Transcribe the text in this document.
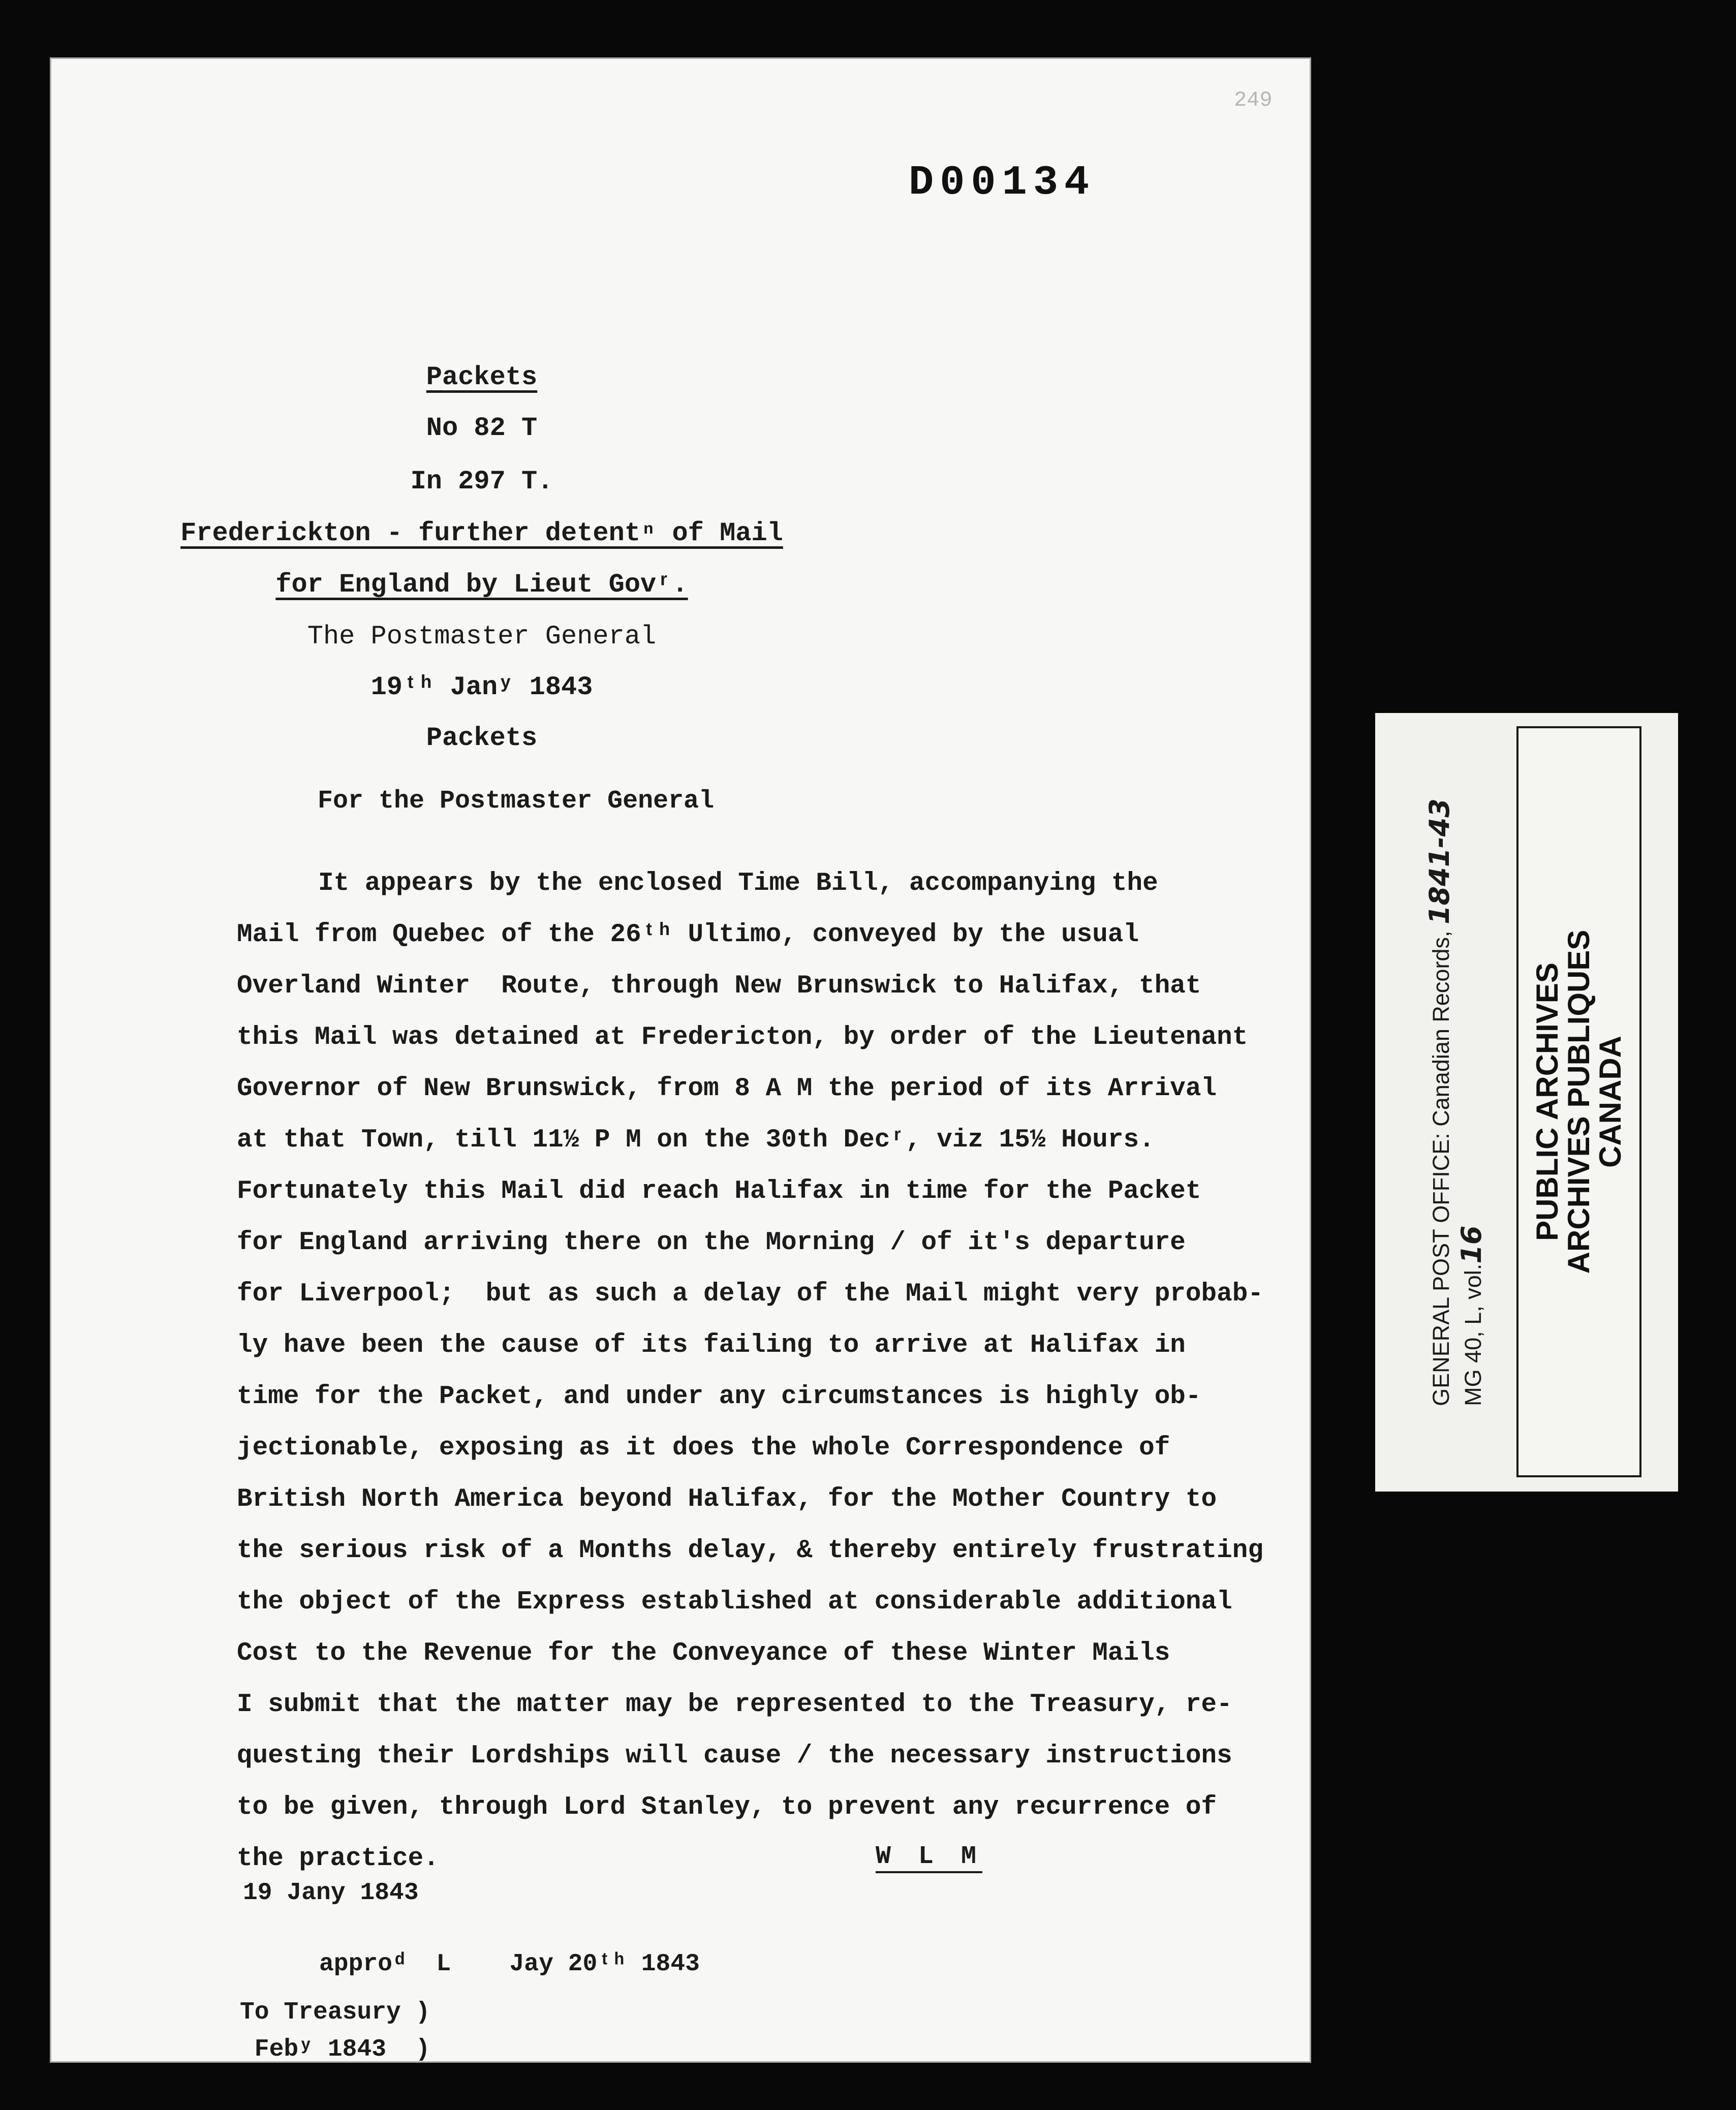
249
D00134
Packets
No 82 T
In 297 T.
Frederickton - further detentⁿ of Mail
for England by Lieut Govʳ.
The Postmaster General
19ᵗʰ Janʸ 1843
Packets
For the Postmaster General
It appears by the enclosed Time Bill, accompanying the
Mail from Quebec of the 26ᵗʰ Ultimo, conveyed by the usual
Overland Winter  Route, through New Brunswick to Halifax, that
this Mail was detained at Fredericton, by order of the Lieutenant
Governor of New Brunswick, from 8 A M the period of its Arrival
at that Town, till 11½ P M on the 30th Decʳ, viz 15½ Hours.
Fortunately this Mail did reach Halifax in time for the Packet
for England arriving there on the Morning / of it's departure
for Liverpool;  but as such a delay of the Mail might very probab-
ly have been the cause of its failing to arrive at Halifax in
time for the Packet, and under any circumstances is highly ob-
jectionable, exposing as it does the whole Correspondence of
British North America beyond Halifax, for the Mother Country to
the serious risk of a Months delay, & thereby entirely frustrating
the object of the Express established at considerable additional
Cost to the Revenue for the Conveyance of these Winter Mails
I submit that the matter may be represented to the Treasury, re-
questing their Lordships will cause / the necessary instructions
to be given, through Lord Stanley, to prevent any recurrence of
the practice.	W L M
19 Jany 1843
approᵈ  L    Jay 20ᵗʰ 1843
To Treasury )
Febʸ 1843  )
GENERAL POST OFFICE: Canadian Records, 1841-43
MG 40, L, vol.16
PUBLIC ARCHIVES
ARCHIVES PUBLIQUES
CANADA
